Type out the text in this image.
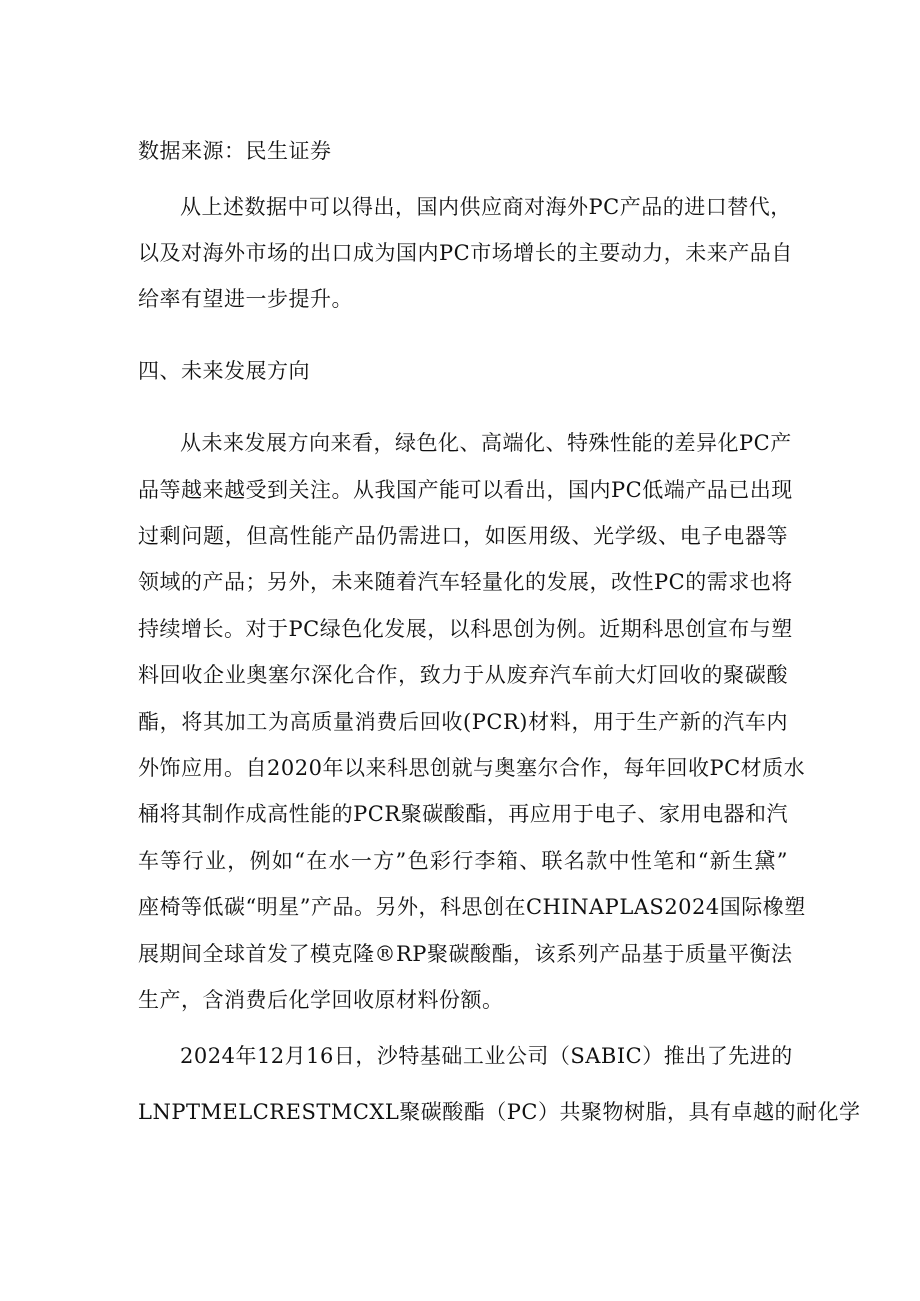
数据来源：民生证券
从上述数据中可以得出，国内供应商对海外PC产品的进口替代，
以及对海外市场的出口成为国内PC市场增长的主要动力，未来产品自
给率有望进一步提升。
四、未来发展方向
从未来发展方向来看，绿色化、高端化、特殊性能的差异化PC产
品等越来越受到关注。从我国产能可以看出，国内PC低端产品已出现
过剩问题，但高性能产品仍需进口，如医用级、光学级、电子电器等
领域的产品；另外，未来随着汽车轻量化的发展，改性PC的需求也将
持续增长。对于PC绿色化发展，以科思创为例。近期科思创宣布与塑
料回收企业奥塞尔深化合作，致力于从废弃汽车前大灯回收的聚碳酸
酯，将其加工为高质量消费后回收(PCR)材料，用于生产新的汽车内
外饰应用。自2020年以来科思创就与奥塞尔合作，每年回收PC材质水
桶将其制作成高性能的PCR聚碳酸酯，再应用于电子、家用电器和汽
车等行业，例如“在水一方”色彩行李箱、联名款中性笔和“新生黛”
座椅等低碳“明星”产品。另外，科思创在CHINAPLAS2024国际橡塑
展期间全球首发了模克隆®RP聚碳酸酯，该系列产品基于质量平衡法
生产，含消费后化学回收原材料份额。
2024年12月16日，沙特基础工业公司（SABIC）推出了先进的
LNPTMELCRESTMCXL聚碳酸酯（PC）共聚物树脂，具有卓越的耐化学
